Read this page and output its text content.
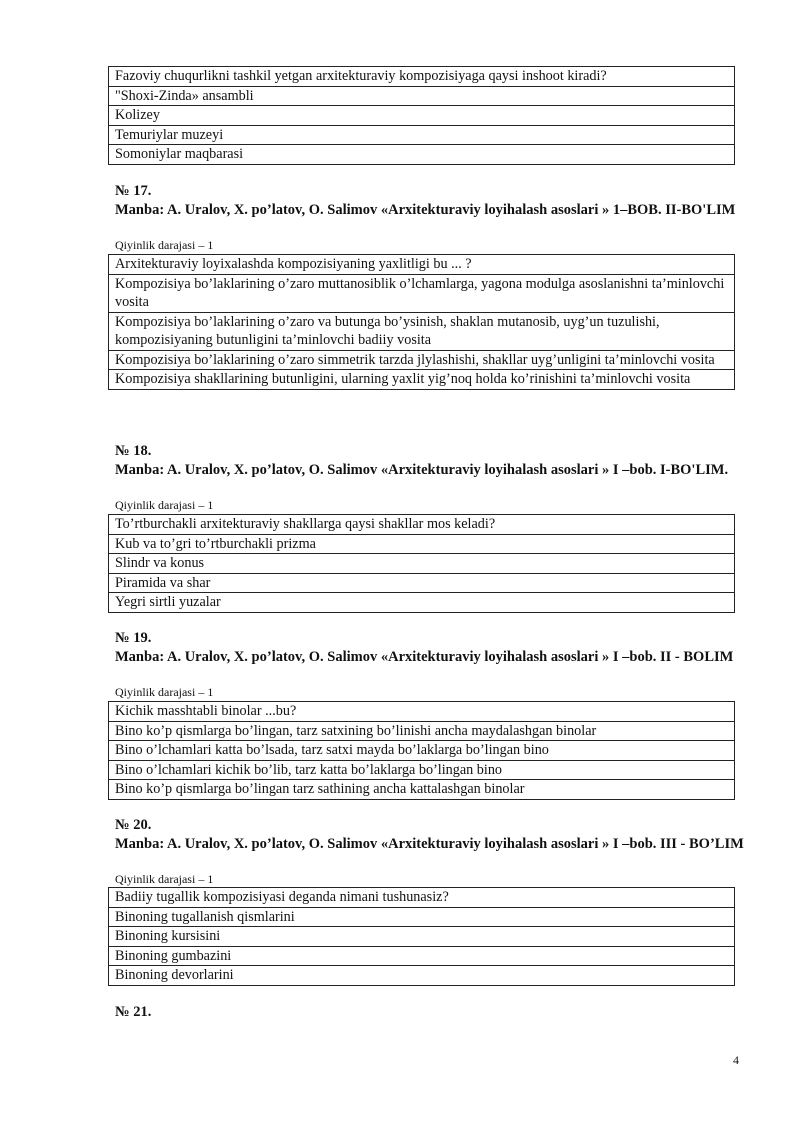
Fazoviy chuqurlikni tashkil yetgan arxitekturaviy kompozisiyaga qaysi inshoot kiradi?
"Shoxi-Zinda» ansambli
Kolizey
Temuriylar muzeyi
Somoniylar maqbarasi

№ 17.

Manba: A. Uralov, X. po’latov, O. Salimov «Arxitekturaviy loyihalash asoslari » 1–BOB. II-BO'LIM

Qiyinlik darajasi – 1

Arxitekturaviy loyixalashda kompozisiyaning yaxlitligi bu ... ?
Kompozisiya bo’laklarining o’zaro muttanosiblik o’lchamlarga, yagona modulga asoslanishni ta’minlovchi vosita
Kompozisiya bo’laklarining o’zaro va butunga bo’ysinish, shaklan mutanosib, uyg’un tuzulishi, kompozisiyaning butunligini ta’minlovchi badiiy vosita
Kompozisiya bo’laklarining o’zaro simmetrik tarzda jlylashishi, shakllar uyg’unligini ta’minlovchi vosita
Kompozisiya shakllarining butunligini, ularning yaxlit yig’noq holda ko’rinishini ta’minlovchi vosita

№ 18.

Manba: A. Uralov, X. po’latov, O. Salimov «Arxitekturaviy loyihalash asoslari » I –bob. I-BO'LIM.

Qiyinlik darajasi – 1

To’rtburchakli arxitekturaviy shakllarga qaysi shakllar mos keladi?
Kub va to’gri to’rtburchakli prizma
Slindr va konus
Piramida va shar
Yegri sirtli yuzalar

№ 19.

Manba: A. Uralov, X. po’latov, O. Salimov «Arxitekturaviy loyihalash asoslari » I –bob. II - BOLIM

Qiyinlik darajasi – 1

Kichik masshtabli binolar ...bu?
Bino ko’p qismlarga bo’lingan, tarz satxining bo’linishi ancha maydalashgan binolar
Bino o’lchamlari katta bo’lsada, tarz satxi mayda bo’laklarga bo’lingan bino
Bino o’lchamlari kichik bo’lib, tarz katta bo’laklarga bo’lingan bino
Bino ko’p qismlarga bo’lingan tarz sathining ancha kattalashgan binolar

№ 20.

Manba: A. Uralov, X. po’latov, O. Salimov «Arxitekturaviy loyihalash asoslari » I –bob. III - BO’LIM

Qiyinlik darajasi – 1

Badiiy tugallik kompozisiyasi deganda nimani tushunasiz?
Binoning tugallanish qismlarini
Binoning kursisini
Binoning gumbazini
Binoning devorlarini

№ 21.

4
